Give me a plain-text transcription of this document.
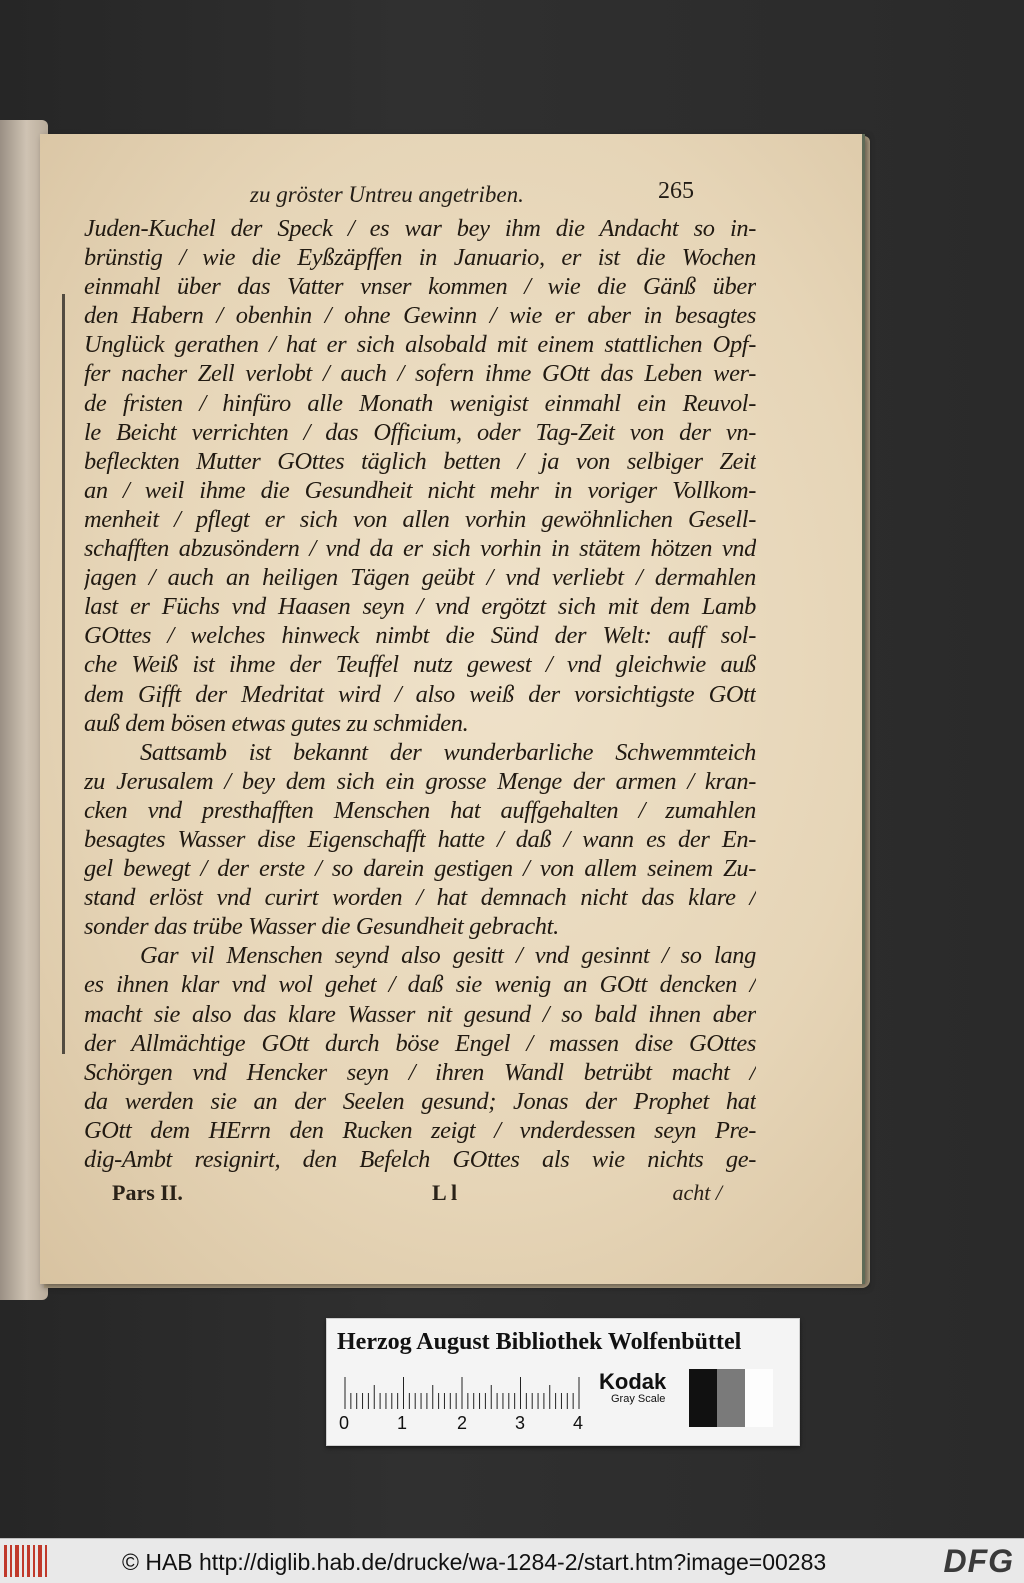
zu gröster Untreu angetriben.	265
Juden-Kuchel der Speck / es war bey ihm die Andacht so in-
brünstig / wie die Eyßzäpffen in Januario, er ist die Wochen
einmahl über das Vatter vnser kommen / wie die Gänß über
den Habern / obenhin / ohne Gewinn / wie er aber in besagtes
Unglück gerathen / hat er sich alsobald mit einem stattlichen Opf-
fer nacher Zell verlobt / auch / sofern ihme GOtt das Leben wer-
de fristen / hinfüro alle Monath wenigist einmahl ein Reuvol-
le Beicht verrichten / das Officium, oder Tag-Zeit von der vn-
befleckten Mutter GOttes täglich betten / ja von selbiger Zeit
an / weil ihme die Gesundheit nicht mehr in voriger Vollkom-
menheit / pflegt er sich von allen vorhin gewöhnlichen Gesell-
schafften abzusöndern / vnd da er sich vorhin in stätem hötzen vnd
jagen / auch an heiligen Tägen geübt / vnd verliebt / dermahlen
last er Füchs vnd Haasen seyn / vnd ergötzt sich mit dem Lamb
GOttes / welches hinweck nimbt die Sünd der Welt: auff sol-
che Weiß ist ihme der Teuffel nutz gewest / vnd gleichwie auß
dem Gifft der Medritat wird / also weiß der vorsichtigste GOtt
auß dem bösen etwas gutes zu schmiden.
Sattsamb ist bekannt der wunderbarliche Schwemmteich
zu Jerusalem / bey dem sich ein grosse Menge der armen / kran-
cken vnd presthafften Menschen hat auffgehalten / zumahlen
besagtes Wasser dise Eigenschafft hatte / daß / wann es der En-
gel bewegt / der erste / so darein gestigen / von allem seinem Zu-
stand erlöst vnd curirt worden / hat demnach nicht das klare /
sonder das trübe Wasser die Gesundheit gebracht.
Gar vil Menschen seynd also gesitt / vnd gesinnt / so lang
es ihnen klar vnd wol gehet / daß sie wenig an GOtt dencken /
macht sie also das klare Wasser nit gesund / so bald ihnen aber
der Allmächtige GOtt durch böse Engel / massen dise GOttes
Schörgen vnd Hencker seyn / ihren Wandl betrübt macht /
da werden sie an der Seelen gesund; Jonas der Prophet hat
GOtt dem HErrn den Rucken zeigt / vnderdessen seyn Pre-
dig-Ambt resignirt, den Befelch GOttes als wie nichts ge-
Pars II.	L l	acht /
Herzog August Bibliothek Wolfenbüttel
0	1	2	3	4
Kodak
Gray Scale
© HAB http://diglib.hab.de/drucke/wa-1284-2/start.htm?image=00283	DFG
